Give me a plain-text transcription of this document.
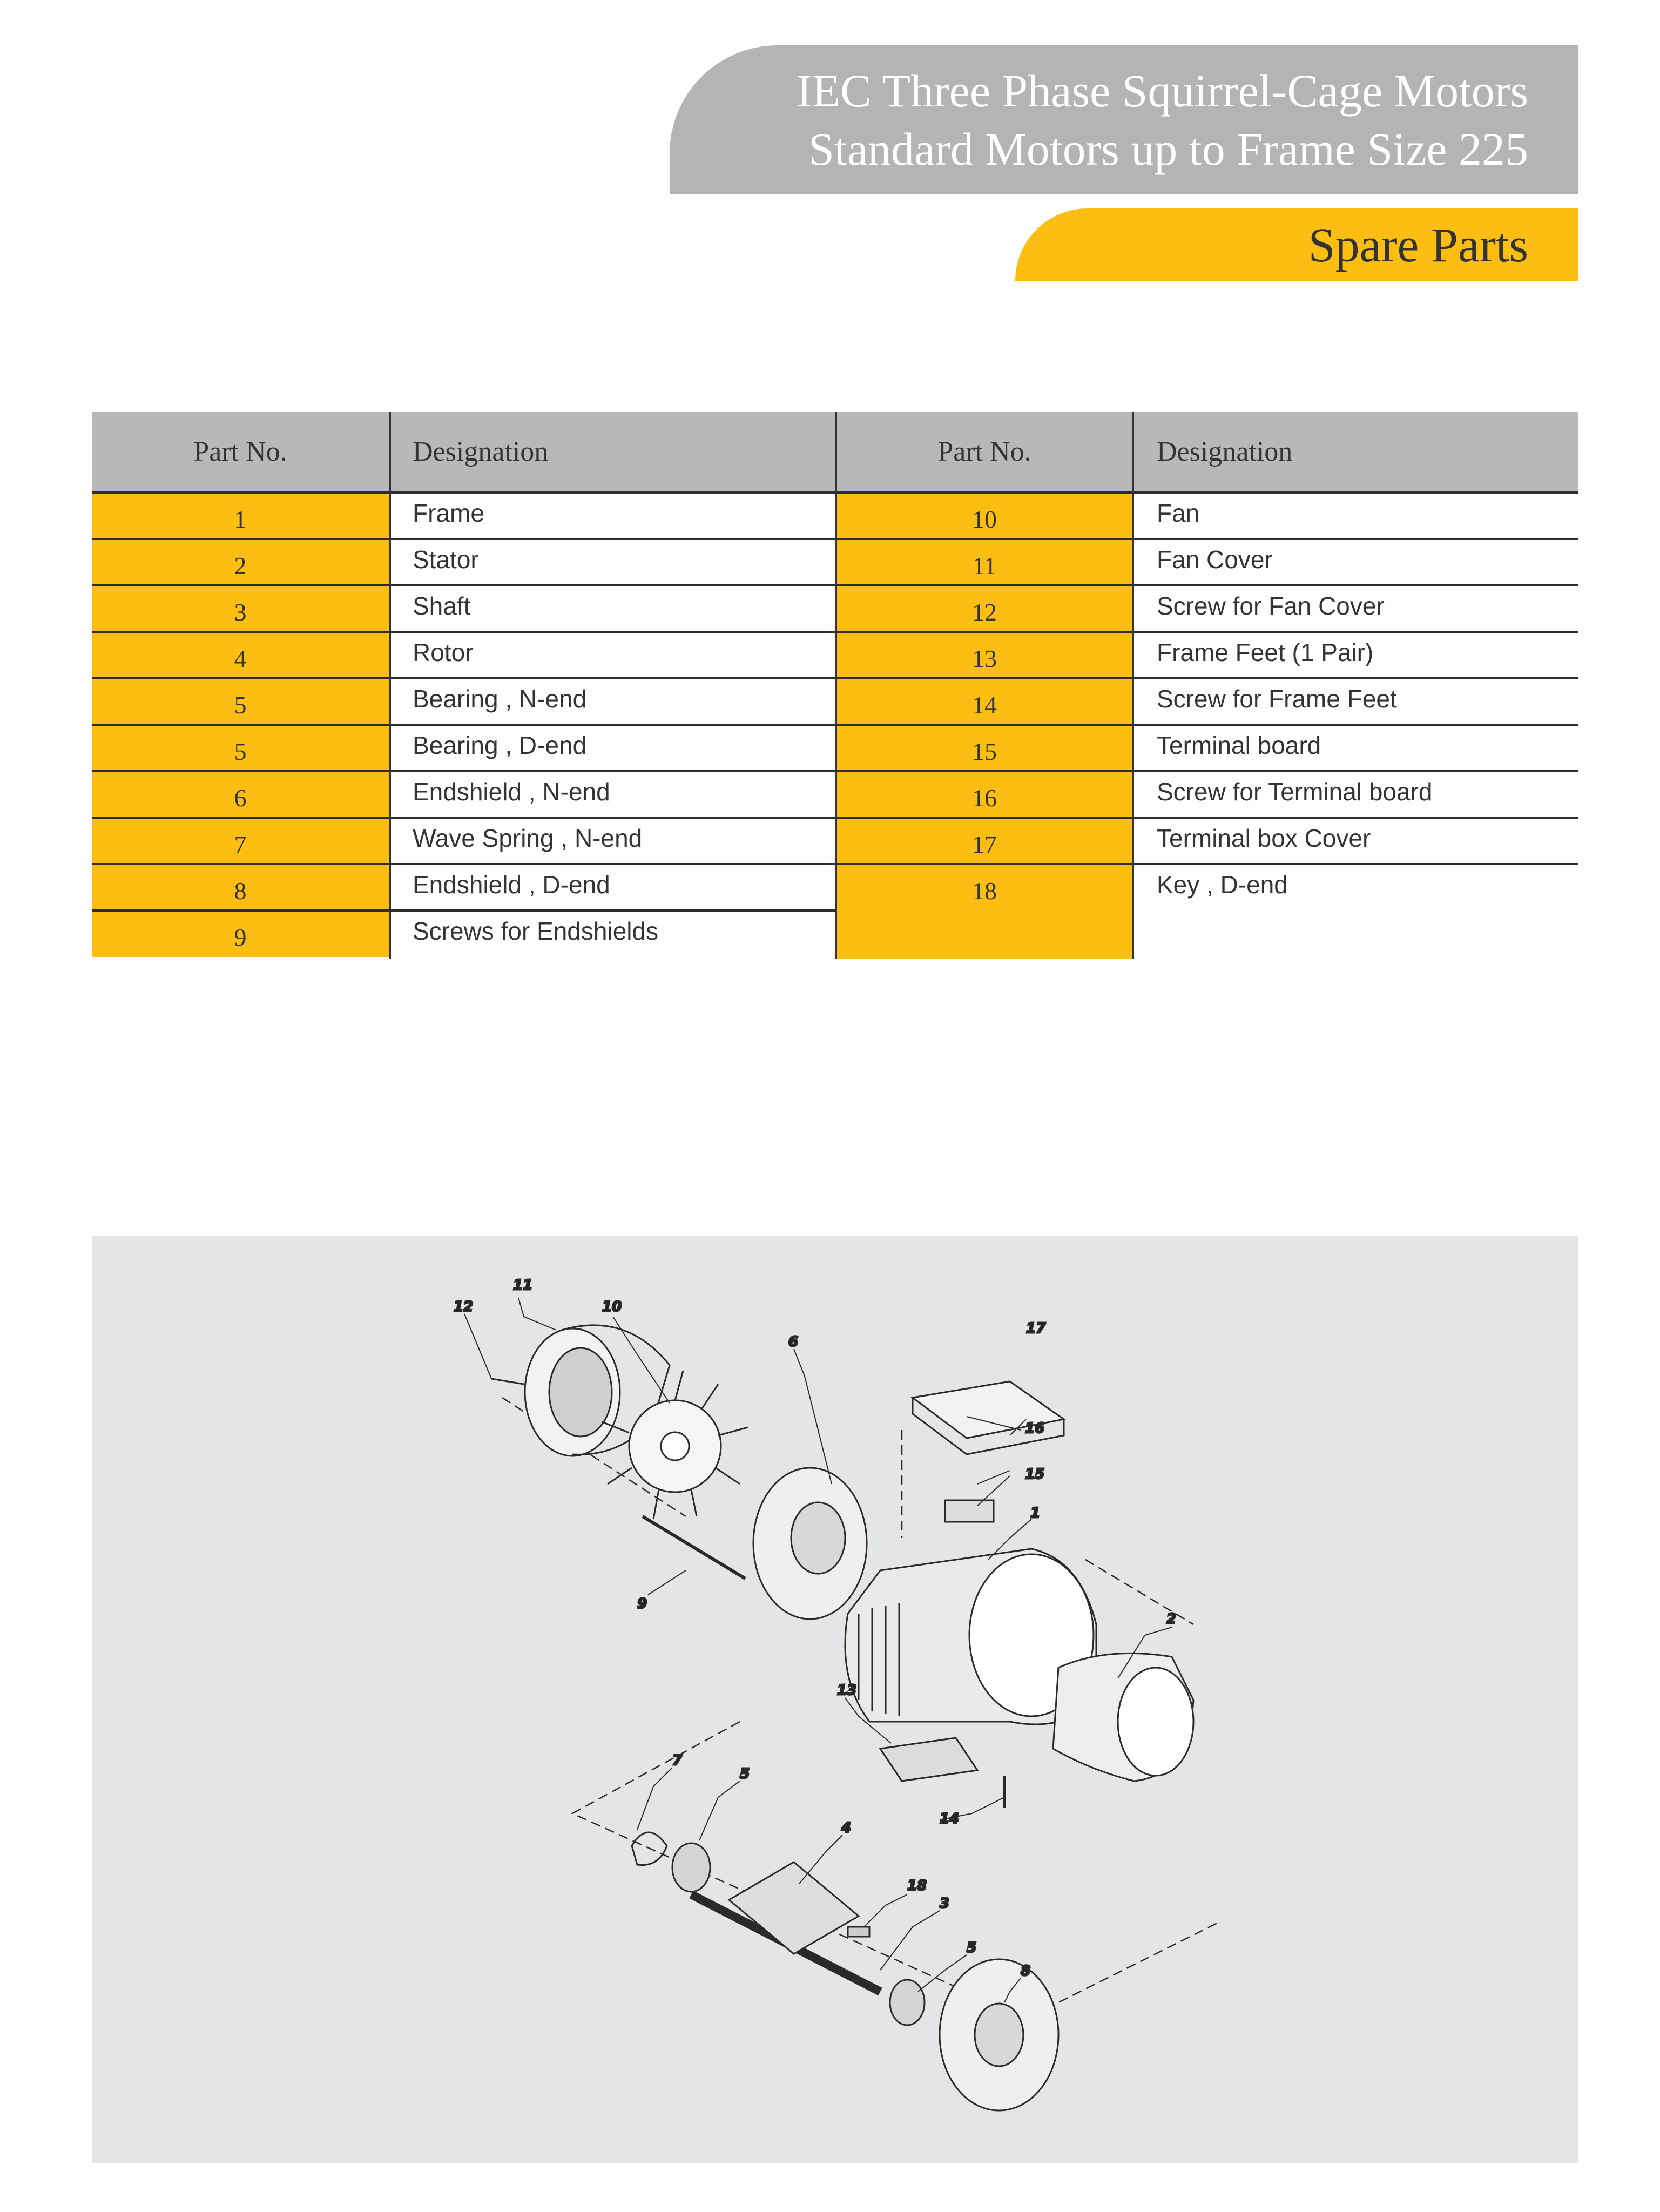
IEC Three Phase Squirrel-Cage Motors
Standard Motors up to Frame Size 225
Spare Parts
Part No.	Designation
1	Frame
2	Stator
3	Shaft
4	Rotor
5	Bearing , N-end
5	Bearing , D-end
6	Endshield , N-end
7	Wave Spring , N-end
8	Endshield , D-end
9	Screws for Endshields
Part No.	Designation
10	Fan
11	Fan Cover
12	Screw for Fan Cover
13	Frame Feet (1 Pair)
14	Screw for Frame Feet
15	Terminal board
16	Screw for Terminal board
17	Terminal box Cover
18	Key , D-end
11
12	10
6
17
16
15
1
9
2
13
14
7
5
4
18
3
5
8
